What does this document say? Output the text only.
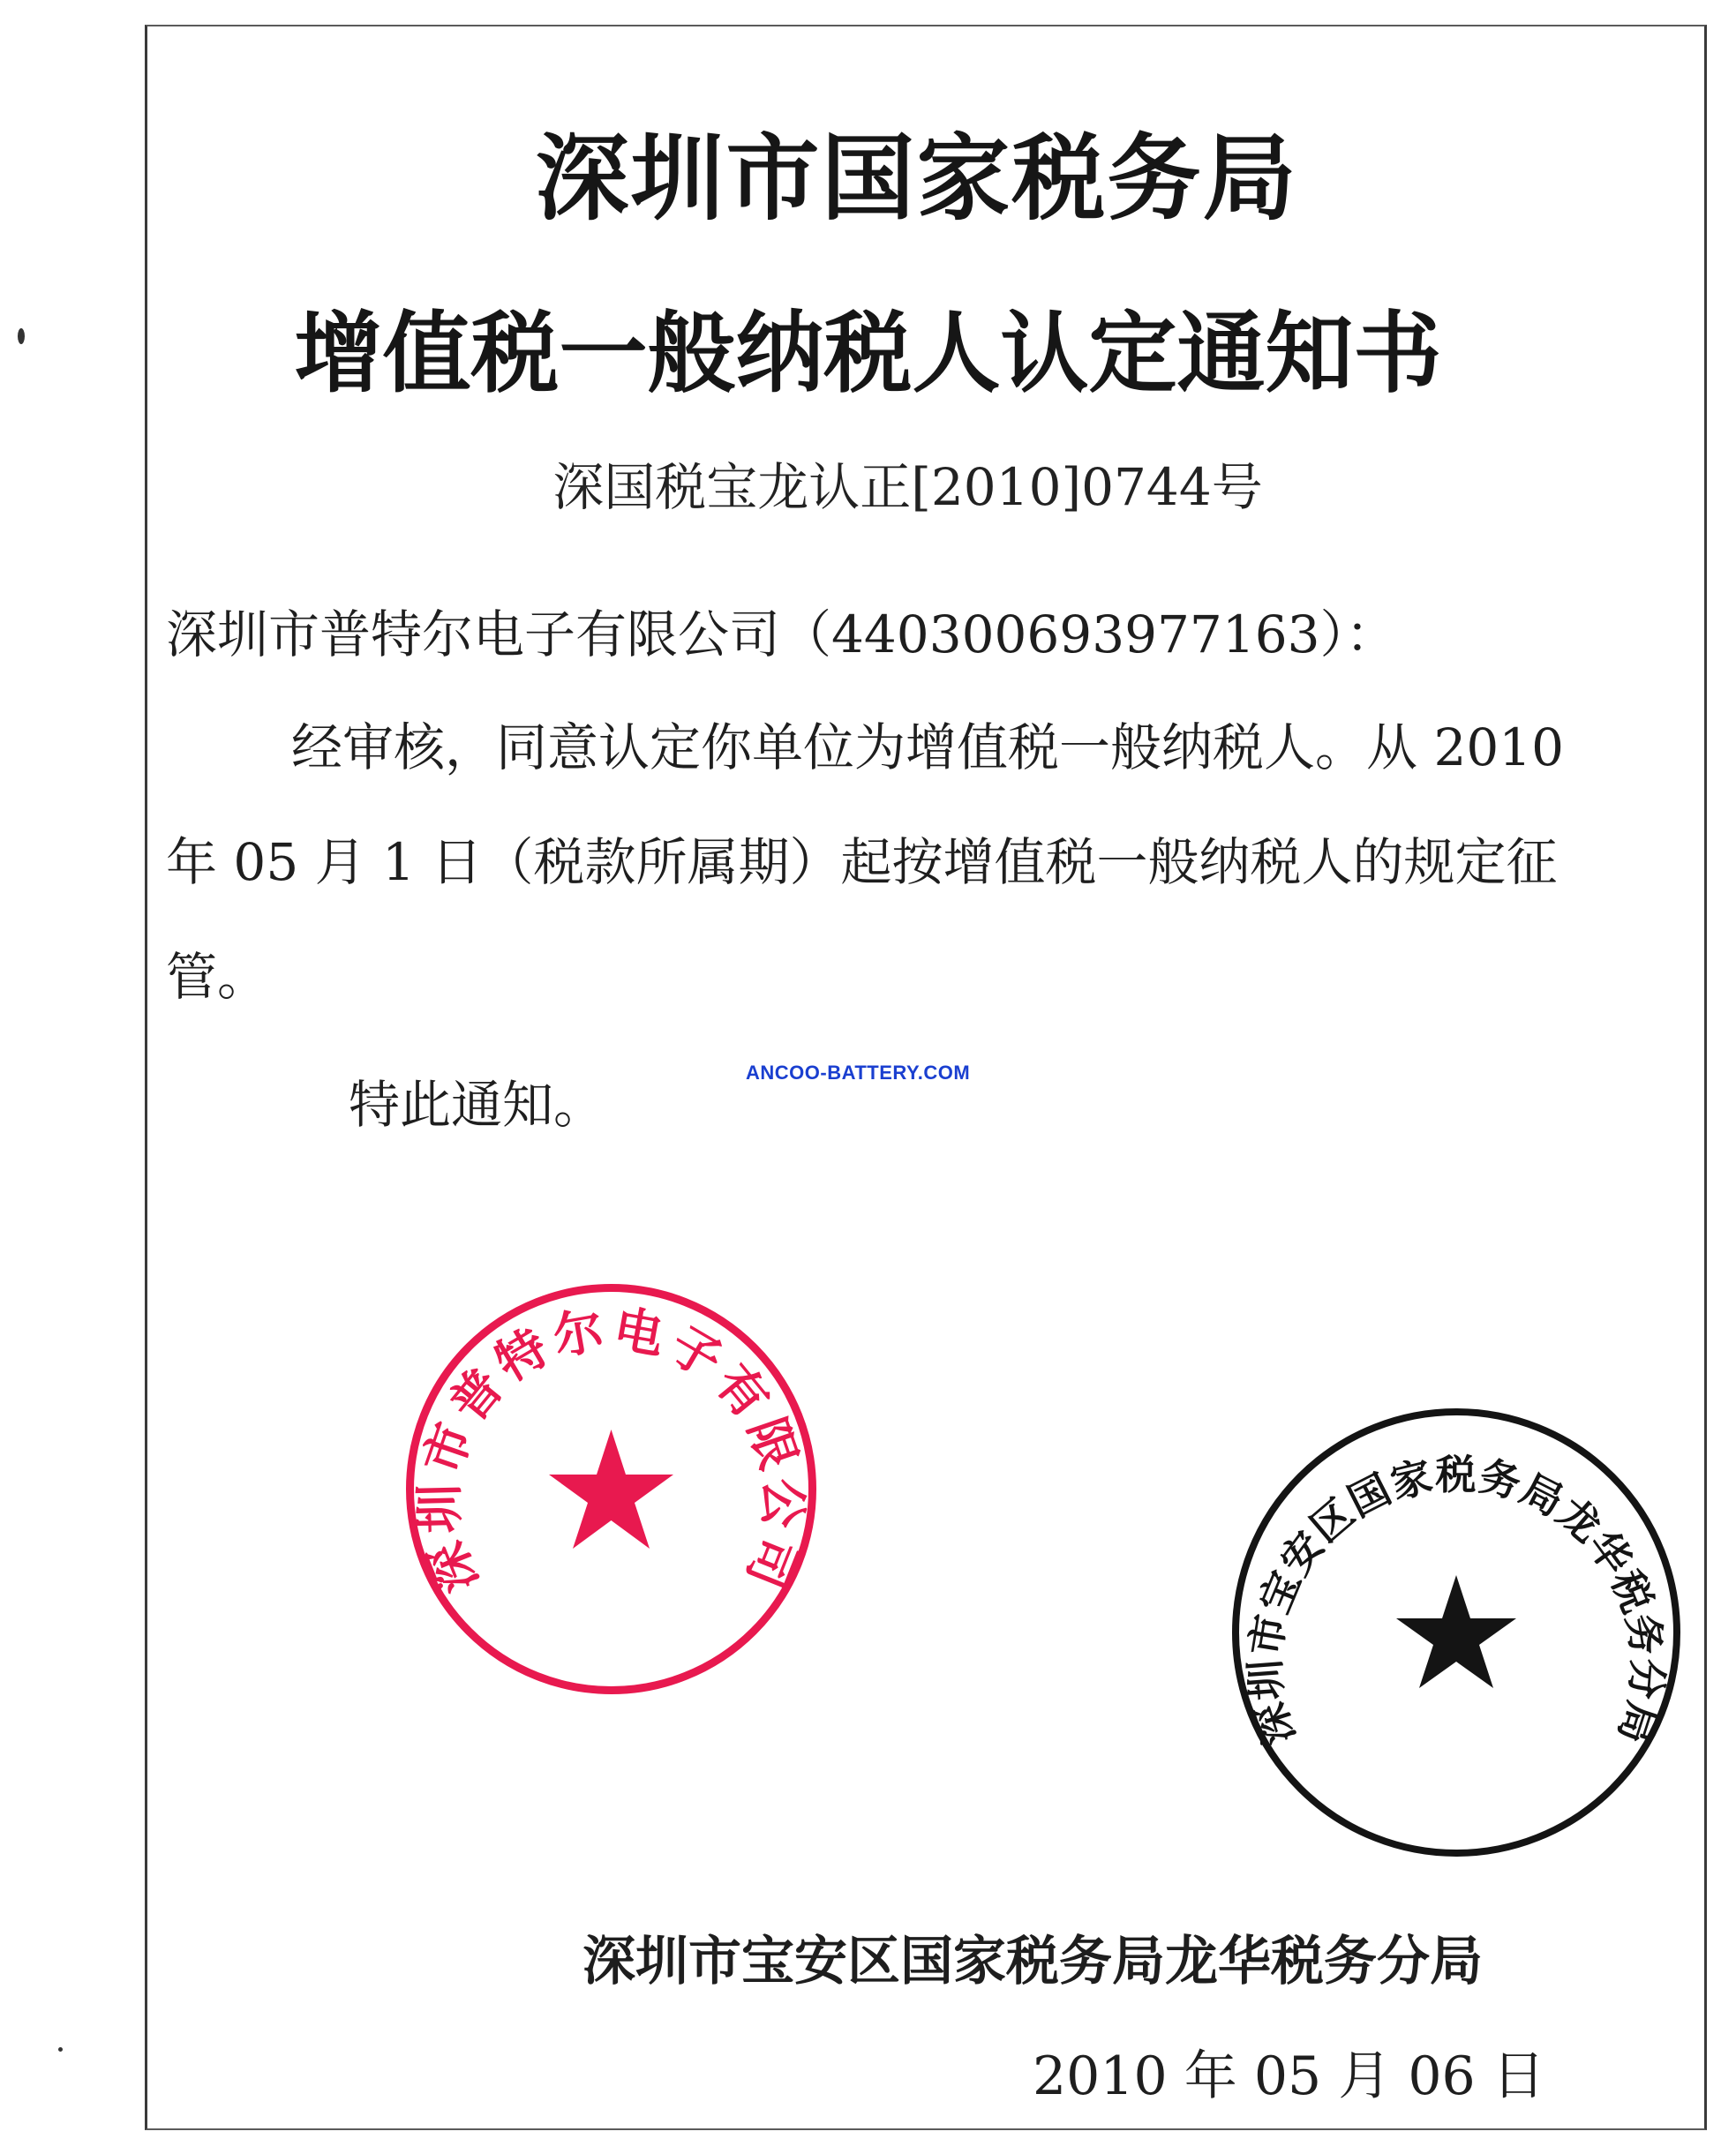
深圳市国家税务局
增值税一般纳税人认定通知书
深国税宝龙认正[2010]0744号
深圳市普特尔电子有限公司（440300693977163）：
经审核，同意认定你单位为增值税一般纳税人。从 2010
年 05 月 1 日（税款所属期）起按增值税一般纳税人的规定征
管。
特此通知。
ANCOO-BATTERY.COM
深圳市普特尔电子有限公司
深圳市宝安区国家税务局龙华税务分局
深圳市宝安区国家税务局龙华税务分局
2010 年 05 月 06 日
